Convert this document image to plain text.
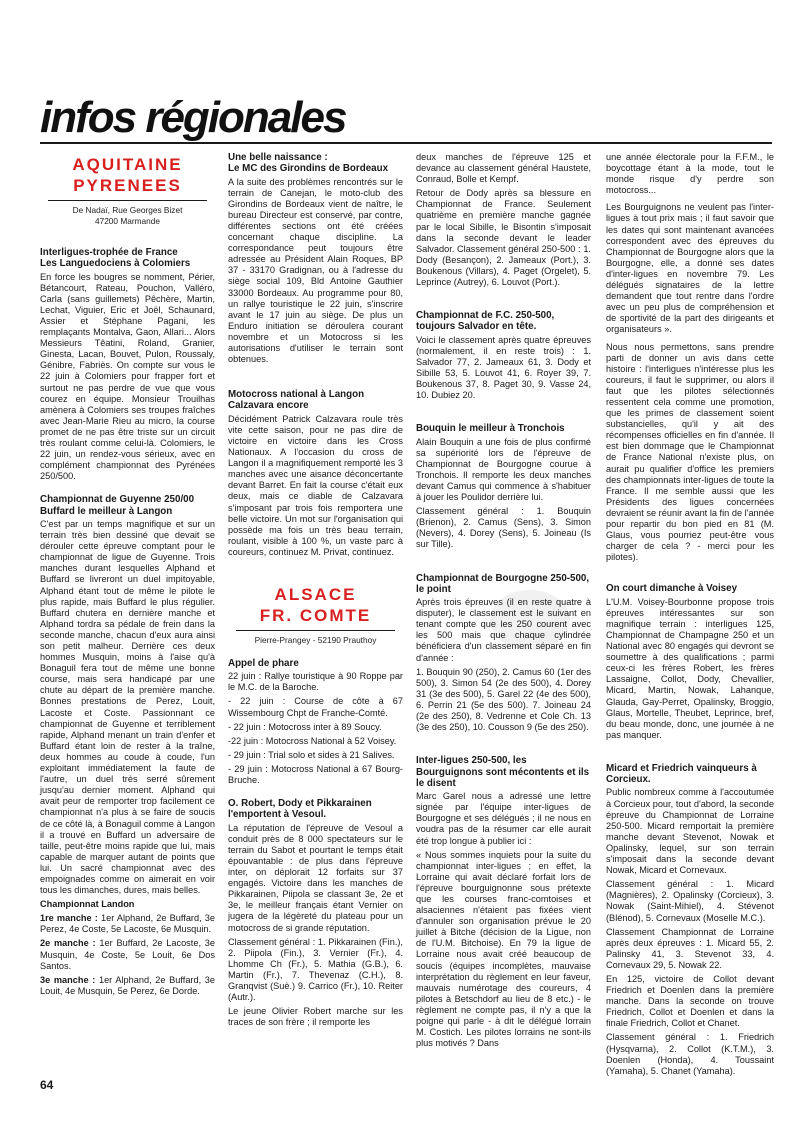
infos régionales
AQUITAINE
PYRENEES
De Nadaï, Rue Georges Bizet
47200 Marmande
Interligues-trophée de France
Les Languedociens à Colomiers

En force les bougres se nomment, Périer, Bétancourt, Rateau, Pouchon, Valléro, Carla (sans guillemets) Pêchère, Martin, Lechat, Viguier, Eric et Joël, Schaunard, Assier et Stéphane Pagani, les remplaçants Montalva, Gaon, Allari... Alors Messieurs Têatini, Roland, Granier, Ginesta, Lacan, Bouvet, Pulon, Roussaly, Génibre, Fabriès. On compte sur vous le 22 juin à Colomiers pour frapper fort et surtout ne pas perdre de vue que vous courez en équipe. Monsieur Trouilhas amènera à Colomiers ses troupes fraîches avec Jean-Marie Rieu au micro, la course promet de ne pas être triste sur un circuit très roulant comme celui-là. Colomiers, le 22 juin, un rendez-vous sérieux, avec en complément championnat des Pyrénées 250/500.

Championnat de Guyenne 250/00
Buffard le meilleur à Langon

C'est par un temps magnifique et sur un terrain très bien dessiné que devait se dérouler cette épreuve comptant pour le championnat de ligue de Guyenne. Trois manches durant lesquelles Alphand et Buffard se livreront un duel impitoyable, Alphand étant tout de même le pilote le plus rapide, mais Buffard le plus régulier. Buffard chutera en dernière manche et Alphand tordra sa pédale de frein dans la seconde manche, chacun d'eux aura ainsi son petit malheur. Derrière ces deux hommes Musquin, moins à l'aise qu'à Bonaguil fera tout de même une bonne course, mais sera handicapé par une chute au départ de la première manche. Bonnes prestations de Perez, Louit, Lacoste et Coste. Passionnant ce championnat de Guyenne et terriblement rapide, Alphand menant un train d'enfer et Buffard étant loin de rester à la traîne, deux hommes au coude à coude, l'un exploitant immédiatement la faute de l'autre, un duel très serré sûrement jusqu'au dernier moment. Alphand qui avait peur de remporter trop facilement ce championnat n'a plus à se faire de soucis de ce côté là, à Bonaguil comme à Langon il a trouvé en Buffard un adversaire de taille, peut-être moins rapide que lui, mais capable de marquer autant de points que lui. Un sacré championnat avec des empoignades comme on aimerait en voir tous les dimanches, dures, mais belles.

Championnat Landon

1re manche : 1er Alphand, 2e Buffard, 3e Perez, 4e Coste, 5e Lacoste, 6e Musquin.

2e manche : 1er Buffard, 2e Lacoste, 3e Musquin, 4e Coste, 5e Louit, 6e Dos Santos.

3e manche : 1er Alphand, 2e Buffard, 3e Louit, 4e Musquin, 5e Perez, 6e Dorde.

Une belle naissance :
Le MC des Girondins de Bordeaux

A la suite des problèmes rencontrés sur le terrain de Canejan, le moto-club des Girondins de Bordeaux vient de naître, le bureau Directeur est conservé, par contre, différentes sections ont été créées concernant chaque discipline. La correspondance peut toujours être adressée au Président Alain Roques, BP 37 - 33170 Gradignan, ou à l'adresse du siège social 109, Bld Antoine Gauthier 33000 Bordeaux. Au programme pour 80, un rallye touristique le 22 juin, s'inscrire avant le 17 juin au siège. De plus un Enduro initiation se déroulera courant novembre et un Motocross si les autorisations d'utiliser le terrain sont obtenues.

Motocross national à Langon
Calzavara encore

Décidément Patrick Calzavara roule très vite cette saison, pour ne pas dire de victoire en victoire dans les Cross Nationaux. A l'occasion du cross de Langon il a magnifiquement remporté les 3 manches avec une aisance déconcertante devant Barret. En fait la course c'était eux deux, mais ce diable de Calzavara s'imposant par trois fois remportera une belle victoire. Un mot sur l'organisation qui possède ma fois un très beau terrain, roulant, visible à 100 %, un vaste parc à coureurs, continuez M. Privat, continuez.

ALSACE
FR. COMTE
Pierre-Prangey - 52190 Prauthoy
Appel de phare

22 juin : Rallye touristique à 90 Roppe par le M.C. de la Baroche.

- 22 juin : Course de côte à 67 Wissembourg Chpt de Franche-Comté.

- 22 juin : Motocross inter à 89 Soucy.

-22 juin : Motocross National à 52 Voisey.

- 29 juin : Trial solo et sides à 21 Salives.

- 29 juin : Motocross National à 67 Bourg-Bruche.

O. Robert, Dody et Pikkarainen
l'emportent à Vesoul.

La réputation de l'épreuve de Vesoul a conduit près de 8 000 spectateurs sur le terrain du Sabot et pourtant le temps était épouvantable : de plus dans l'épreuve inter, on déplorait 12 forfaits sur 37 engagés. Victoire dans les manches de Pikkarainen, Piipola se classant 3e, 2e et 3e, le meilleur français étant Vernier on jugera de la légèreté du plateau pour un motocross de si grande réputation.

Classement général : 1. Pikkarainen (Fin.), 2. Piipola (Fin.), 3. Vernier (Fr.), 4. Lhomme Ch (Fr.), 5. Mathia (G.B.), 6. Martin (Fr.), 7. Thevenaz (C.H.), 8. Granqvist (Suè.) 9. Carrico (Fr.), 10. Reiter (Autr.).

Le jeune Olivier Robert marche sur les traces de son frère ; il remporte les

deux manches de l'épreuve 125 et devance au classement général Haustete, Conraud, Bolle et Kempf.

Retour de Dody après sa blessure en Championnat de France. Seulement quatrième en première manche gagnée par le local Sibille, le Bisontin s'imposait dans la seconde devant le leader Salvador. Classement général 250-500 : 1. Dody (Besançon), 2. Jameaux (Port.), 3. Boukenous (Villars), 4. Paget (Orgelet), 5. Leprince (Autrey), 6. Louvot (Port.).

Championnat de F.C. 250-500, toujours Salvador en tête.

Voici le classement après quatre épreuves (normalement, il en reste trois) : 1. Salvador 77, 2. Jameaux 61, 3. Dody et Sibille 53, 5. Louvot 41, 6. Royer 39, 7. Boukenous 37, 8. Paget 30, 9. Vasse 24, 10. Dubiez 20.

Bouquin le meilleur à Tronchois

Alain Bouquin a une fois de plus confirmé sa supériorité lors de l'épreuve de Championnat de Bourgogne courue à Tronchois. Il remporte les deux manches devant Camus qui commence à s'habituer à jouer les Poulidor derrière lui.

Classement général : 1. Bouquin (Brienon), 2. Camus (Sens), 3. Simon (Nevers), 4. Dorey (Sens), 5. Joineau (Is sur Tille).

Championnat de Bourgogne 250-500, le point

Après trois épreuves (il en reste quatre à disputer), le classement est le suivant en tenant compte que les 250 courent avec les 500 mais que chaque cylindrée bénéficiera d'un classement séparé en fin d'année :

1. Bouquin 90 (250), 2. Camus 60 (1er des 500), 3. Simon 54 (2e des 500), 4. Dorey 31 (3e des 500), 5. Garel 22 (4e des 500), 6. Perrin 21 (5e des 500). 7. Joineau 24 (2e des 250), 8. Vedrenne et Cole Ch. 13 (3e des 250), 10. Cousson 9 (5e des 250).

Inter-ligues 250-500, les Bourguignons sont mécontents et ils le disent

Marc Garel nous a adressé une lettre signée par l'équipe inter-ligues de Bourgogne et ses délégués ; il ne nous en voudra pas de la résumer car elle aurait été trop longue à publier ici :

« Nous sommes inquiets pour la suite du championnat inter-ligues ; en effet, la Lorraine qui avait déclaré forfait lors de l'épreuve bourguignonne sous prétexte que les courses franc-comtoises et alsaciennes n'étaient pas fixées vient d'annuler son organisation prévue le 20 juillet à Bitche (décision de la Ligue, non de l'U.M. Bitchoise). En 79 la ligue de Lorraine nous avait créé beaucoup de soucis (équipes incomplètes, mauvaise interprétation du règlement en leur faveur, mauvais numérotage des coureurs, 4 pilotes à Betschdorf au lieu de 8 etc.) - le règlement ne compte pas, il n'y a que la poigne qui parle - à dit le délégué lorrain M. Costich. Les pilotes lorrains ne sont-ils plus motivés ? Dans

une année électorale pour la F.F.M., le boycottage étant à la mode, tout le monde risque d'y perdre son motocross...

Les Bourguignons ne veulent pas l'inter-ligues à tout prix mais ; il faut savoir que les dates qui sont maintenant avancées correspondent avec des épreuves du Championnat de Bourgogne alors que la Bourgogne, elle, a donné ses dates d'inter-ligues en novembre 79. Les délégués signataires de la lettre demandent que tout rentre dans l'ordre avec un peu plus de compréhension et de sportivité de la part des dirigeants et organisateurs ».

Nous nous permettons, sans prendre parti de donner un avis dans cette histoire : l'interligues n'intéresse plus les coureurs, il faut le supprimer, ou alors il faut que les pilotes sélectionnés ressentent cela comme une promotion, que les primes de classement soient substancielles, qu'il y ait des récompenses officielles en fin d'année. Il est bien dommage que le Championnat de France National n'existe plus, on aurait pu qualifier d'office les premiers des championnats inter-ligues de toute la France. Il me semble aussi que les Présidents des ligues concernées devraient se réunir avant la fin de l'année pour repartir du bon pied en 81 (M. Glaus, vous pourriez peut-être vous charger de cela ? - merci pour les pilotes).

On court dimanche à Voisey

L'U.M. Voisey-Bourbonne propose trois épreuves intéressantes sur son magnifique terrain : interligues 125, Championnat de Champagne 250 et un National avec 80 engagés qui devront se soumettre à des qualifications ; parmi ceux-ci les frères Robert, les frères Lassaigne, Collot, Dody, Chevallier, Micard, Martin, Nowak, Lahanque, Glauda, Gay-Perret, Opalinsky, Broggio, Glaus, Mortelle, Theubet, Leprince, bref, du beau monde, donc, une journée à ne pas manquer.

Micard et Friedrich vainqueurs à Corcieux.

Public nombreux comme à l'accoutumée à Corcieux pour, tout d'abord, la seconde épreuve du Championnat de Lorraine 250-500. Micard remportait la première manche devant Stevenot, Nowak et Opalinsky, lequel, sur son terrain s'imposait dans la seconde devant Nowak, Micard et Cornevaux.

Classement général : 1. Micard (Magnières), 2. Opalinsky (Corcieux), 3. Nowak (Saint-Mihiel), 4. Stévenot (Blénod), 5. Cornevaux (Moselle M.C.).

Classement Championnat de Lorraine après deux épreuves : 1. Micard 55, 2. Palinsky 41, 3. Stevenot 33, 4. Cornevaux 29, 5. Nowak 22.

En 125, victoire de Collot devant Friedrich et Doenlen dans la première manche. Dans la seconde on trouve Friedrich, Collot et Doenlen et dans la finale Friedrich, Collot et Chanet.

Classement général : 1. Friedrich (Hysqvarna), 2. Collot (K.T.M.), 3. Doenlen (Honda), 4. Toussaint (Yamaha), 5. Chanet (Yamaha).

64
